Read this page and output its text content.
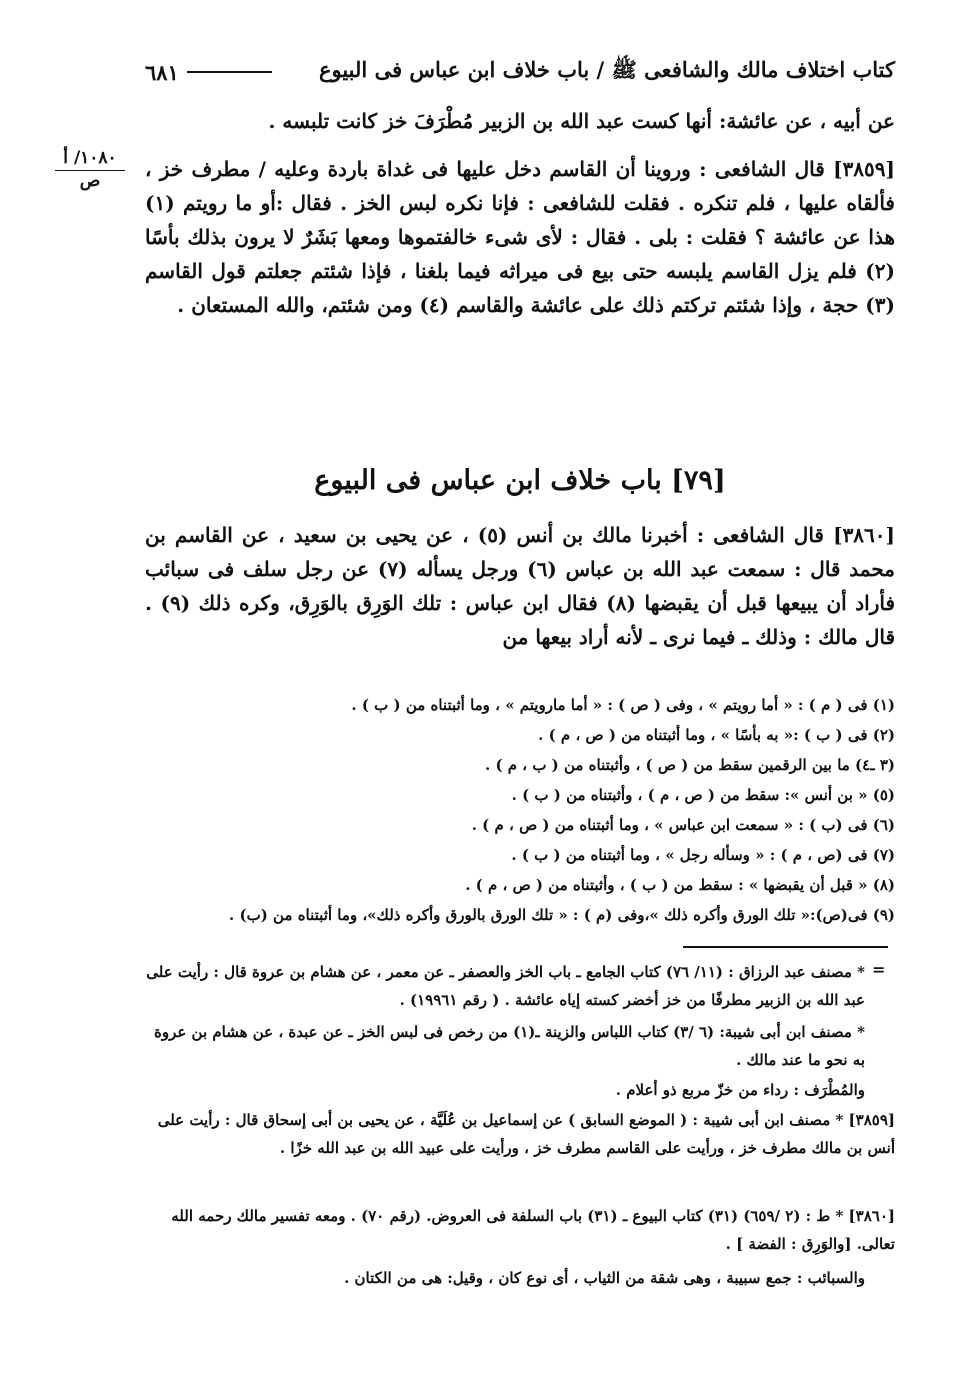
٦٨١	كتاب اختلاف مالك والشافعى ﷺ / باب خلاف ابن عباس فى البيوع
١٠٨٠/ أ
ص
عن أبيه ، عن عائشة: أنها كست عبد الله بن الزبير مُطْرَفَ خز كانت تلبسه .
[٣٨٥٩] قال الشافعى : وروينا أن القاسم دخل عليها فى غداة باردة وعليه / مطرف خز ، فألقاه عليها ، فلم تنكره . فقلت للشافعى : فإنا نكره لبس الخز . فقال :أو ما رويتم (١) هذا عن عائشة ؟ فقلت : بلى . فقال : لأى شىء خالفتموها ومعها بَشَرٌ لا يرون بذلك بأسًا (٢) فلم يزل القاسم يلبسه حتى بيع فى ميراثه فيما بلغنا ، فإذا شئتم جعلتم قول القاسم (٣) حجة ، وإذا شئتم تركتم ذلك على عائشة والقاسم (٤) ومن شئتم، والله المستعان .
[٧٩] باب خلاف ابن عباس فى البيوع
[٣٨٦٠] قال الشافعى : أخبرنا مالك بن أنس (٥) ، عن يحيى بن سعيد ، عن القاسم بن محمد قال : سمعت عبد الله بن عباس (٦) ورجل يسأله (٧) عن رجل سلف فى سبائب فأراد أن يبيعها قبل أن يقبضها (٨) فقال ابن عباس : تلك الوَرِق بالوَرِق، وكره ذلك (٩) . قال مالك : وذلك ـ فيما نرى ـ لأنه أراد بيعها من
(١) فى ( م ) : « أما رويتم » ، وفى ( ص ) : « أما مارويتم » ، وما أثبتناه من ( ب ) .
(٢) فى ( ب ) :« به بأسًا » ، وما أثبتناه من ( ص ، م ) .
(٣ ـ٤) ما بين الرقمين سقط من ( ص ) ، وأثبتناه من ( ب ، م ) .
(٥) « بن أنس »: سقط من ( ص ، م ) ، وأثبتناه من ( ب ) .
(٦) فى (ب ) : « سمعت ابن عباس » ، وما أثبتناه من ( ص ، م ) .
(٧) فى (ص ، م ) : « وسأله رجل » ، وما أثبتناه من ( ب ) .
(٨) « قبل أن يقبضها » : سقط من ( ب ) ، وأثبتناه من ( ص ، م ) .
(٩) فى(ص):« تلك الورق وأكره ذلك »،وفى (م ) : « تلك الورق بالورق وأكره ذلك»، وما أثبتناه من (ب) .
=
* مصنف عبد الرزاق : (١١/ ٧٦) كتاب الجامع ـ باب الخز والعصفر ـ عن معمر ، عن هشام بن عروة قال : رأيت على عبد الله بن الزبير مطرفًا من خز أخضر كسته إياه عائشة . ( رقم ١٩٩٦١) .
* مصنف ابن أبى شيبة: (٦ /٣) كتاب اللباس والزينة ـ(١) من رخص فى لبس الخز ـ عن عبدة ، عن هشام بن عروة به نحو ما عند مالك .
والمُطْرَف : رداء من خزّ مربع ذو أعلام .
[٣٨٥٩] * مصنف ابن أبى شيبة : ( الموضع السابق ) عن إسماعيل بن عُلَيَّة ، عن يحيى بن أبى إسحاق قال : رأيت على أنس بن مالك مطرف خز ، ورأيت على القاسم مطرف خز ، ورأيت على عبيد الله بن عبد الله خزًا .
[٣٨٦٠] * ط : (٢ /٦٥٩) (٣١) كتاب البيوع ـ (٣١) باب السلفة فى العروض. (رقم ٧٠) . ومعه تفسير مالك رحمه الله تعالى. [والوَرِق : الفضة ] .
والسبائب : جمع سبيبة ، وهى شقة من الثياب ، أى نوع كان ، وقيل: هى من الكتان .
